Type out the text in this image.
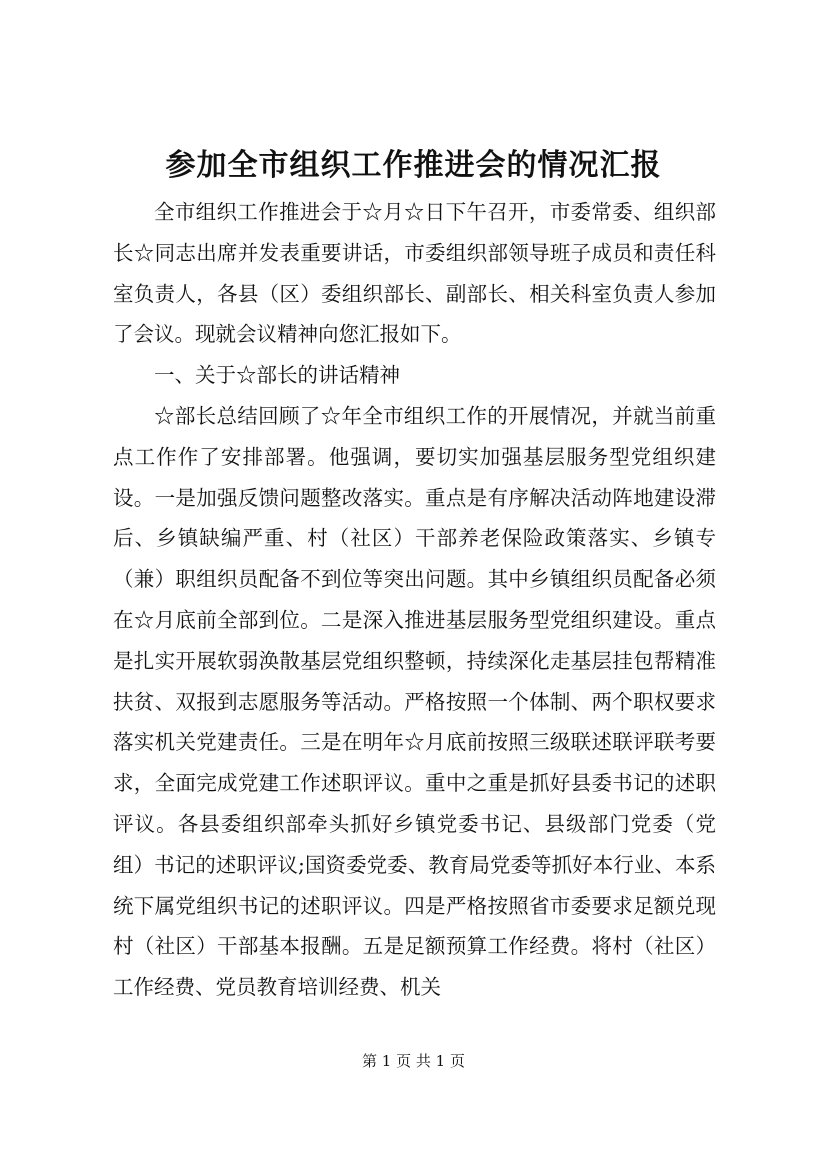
参加全市组织工作推进会的情况汇报

全市组织工作推进会于☆月☆日下午召开，市委常委、组织部长☆同志出席并发表重要讲话，市委组织部领导班子成员和责任科室负责人，各县（区）委组织部长、副部长、相关科室负责人参加了会议。现就会议精神向您汇报如下。

一、关于☆部长的讲话精神

☆部长总结回顾了☆年全市组织工作的开展情况，并就当前重点工作作了安排部署。他强调，要切实加强基层服务型党组织建设。一是加强反馈问题整改落实。重点是有序解决活动阵地建设滞后、乡镇缺编严重、村（社区）干部养老保险政策落实、乡镇专（兼）职组织员配备不到位等突出问题。其中乡镇组织员配备必须在☆月底前全部到位。二是深入推进基层服务型党组织建设。重点是扎实开展软弱涣散基层党组织整顿，持续深化走基层挂包帮精准扶贫、双报到志愿服务等活动。严格按照一个体制、两个职权要求落实机关党建责任。三是在明年☆月底前按照三级联述联评联考要求，全面完成党建工作述职评议。重中之重是抓好县委书记的述职评议。各县委组织部牵头抓好乡镇党委书记、县级部门党委（党组）书记的述职评议;国资委党委、教育局党委等抓好本行业、本系统下属党组织书记的述职评议。四是严格按照省市委要求足额兑现村（社区）干部基本报酬。五是足额预算工作经费。将村（社区）工作经费、党员教育培训经费、机关

第 1 页 共 1 页
